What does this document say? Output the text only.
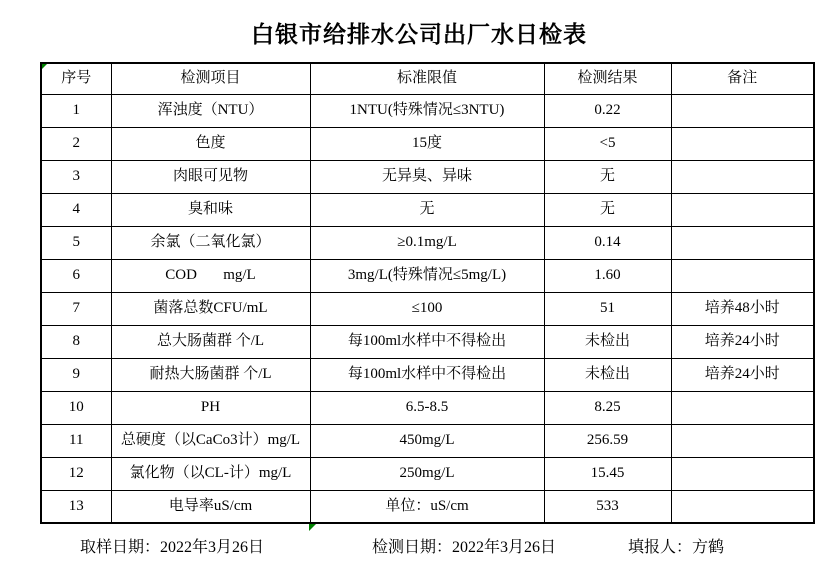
白银市给排水公司出厂水日检表
序号	检测项目	标准限值	检测结果	备注
1	浑浊度（NTU）	1NTU(特殊情况≤3NTU)	0.22	
2	色度	15度	<5	
3	肉眼可见物	无异臭、异味	无	
4	臭和味	无	无	
5	余氯（二氧化氯）	≥0.1mg/L	0.14	
6	COD       mg/L	3mg/L(特殊情况≤5mg/L)	1.60	
7	菌落总数CFU/mL	≤100	51	培养48小时
8	总大肠菌群 个/L	每100ml水样中不得检出	未检出	培养24小时
9	耐热大肠菌群 个/L	每100ml水样中不得检出	未检出	培养24小时
10	PH	6.5-8.5	8.25	
11	总硬度（以CaCo3计）mg/L	450mg/L	256.59	
12	氯化物（以CL-计）mg/L	250mg/L	15.45	
13	电导率uS/cm	单位：uS/cm	533	
取样日期：2022年3月26日	检测日期：2022年3月26日	填报人：方鹤
